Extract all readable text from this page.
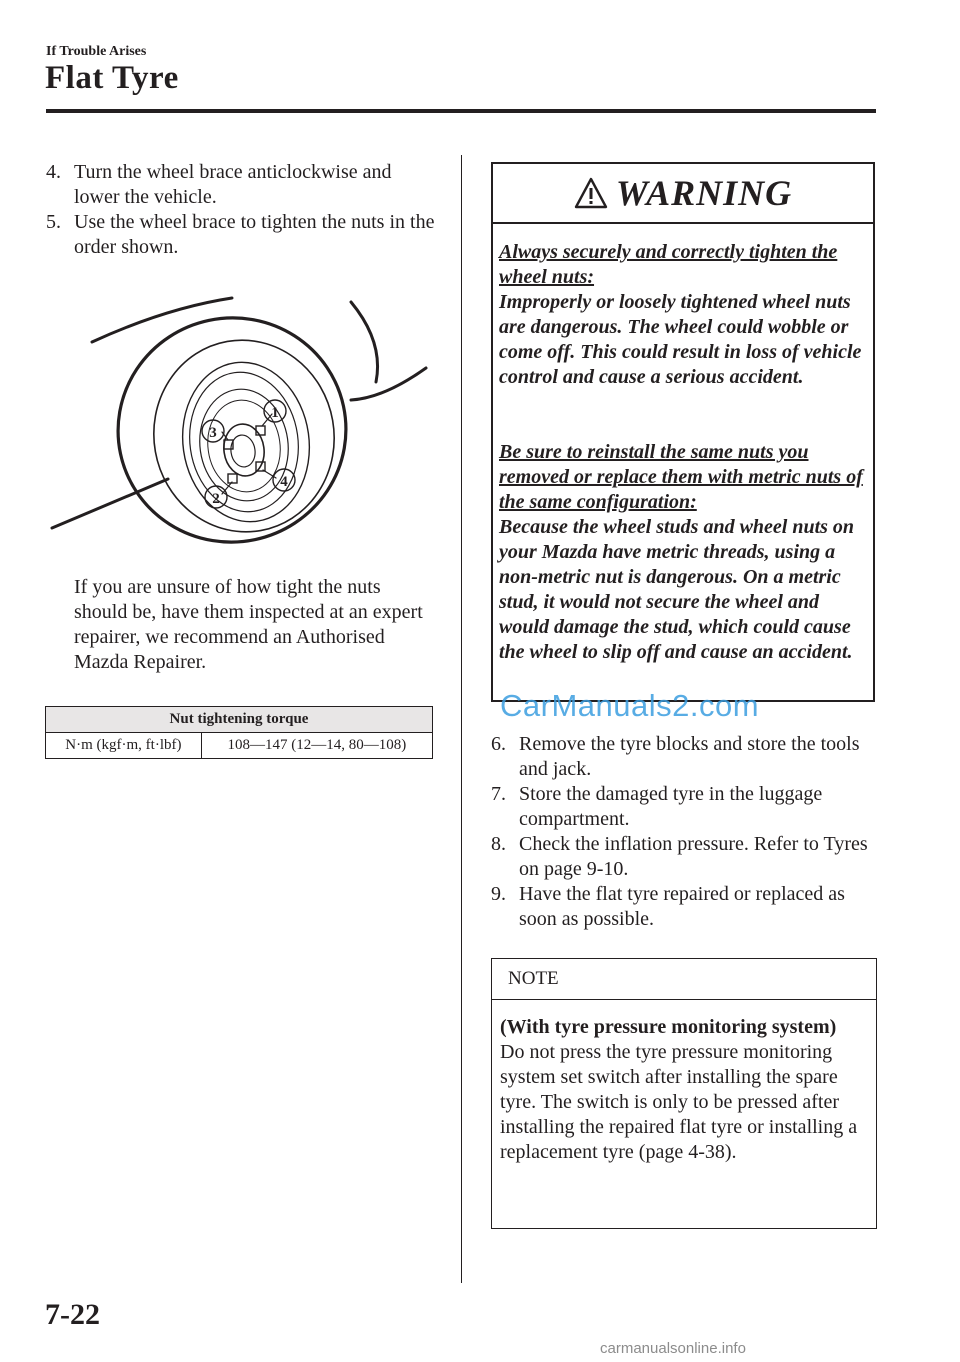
If Trouble Arises
Flat Tyre
4. Turn the wheel brace anticlockwise and lower the vehicle.
5. Use the wheel brace to tighten the nuts in the order shown.
1
3
4
2
If you are unsure of how tight the nuts should be, have them inspected at an expert repairer, we recommend an Authorised Mazda Repairer.
Nut tightening torque
N·m (kgf·m, ft·lbf)	108—147 (12—14, 80—108)
WARNING
Always securely and correctly tighten the wheel nuts:
Improperly or loosely tightened wheel nuts are dangerous. The wheel could wobble or come off. This could result in loss of vehicle control and cause a serious accident.
Be sure to reinstall the same nuts you removed or replace them with metric nuts of the same configuration:
Because the wheel studs and wheel nuts on your Mazda have metric threads, using a non-metric nut is dangerous. On a metric stud, it would not secure the wheel and would damage the stud, which could cause the wheel to slip off and cause an accident.
CarManuals2.com
6. Remove the tyre blocks and store the tools and jack.
7. Store the damaged tyre in the luggage compartment.
8. Check the inflation pressure. Refer to Tyres on page 9-10.
9. Have the flat tyre repaired or replaced as soon as possible.
NOTE
(With tyre pressure monitoring system)
Do not press the tyre pressure monitoring system set switch after installing the spare tyre. The switch is only to be pressed after installing the repaired flat tyre or installing a replacement tyre (page 4-38).
7-22
carmanualsonline.info
